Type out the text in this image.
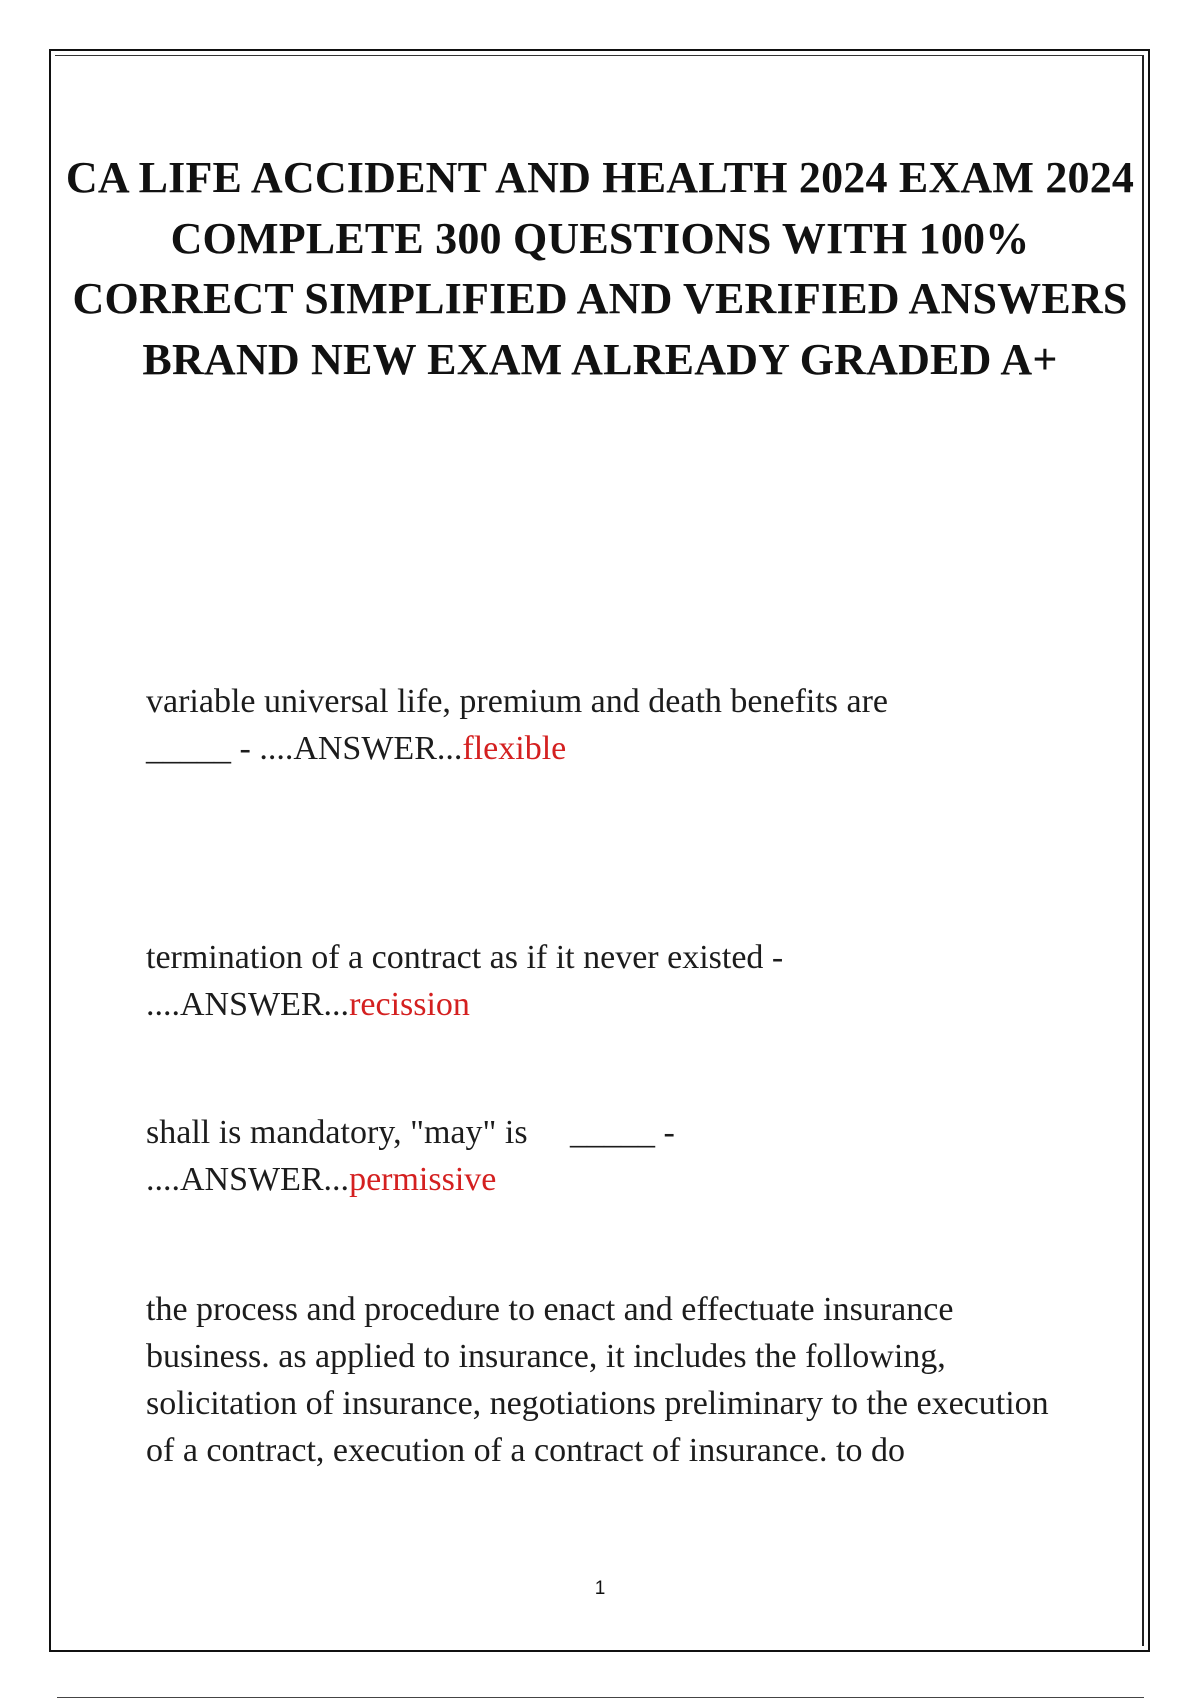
CA LIFE ACCIDENT AND HEALTH 2024 EXAM 2024 COMPLETE 300 QUESTIONS WITH 100% CORRECT SIMPLIFIED AND VERIFIED ANSWERS BRAND NEW EXAM ALREADY GRADED A+

variable universal life, premium and death benefits are _____ - ....ANSWER...flexible

termination of a contract as if it never existed - ....ANSWER...recission

shall is mandatory, "may" is     _____ - ....ANSWER...permissive

the process and procedure to enact and effectuate insurance business. as applied to insurance, it includes the following, solicitation of insurance, negotiations preliminary to the execution of a contract, execution of a contract of insurance. to do

1
